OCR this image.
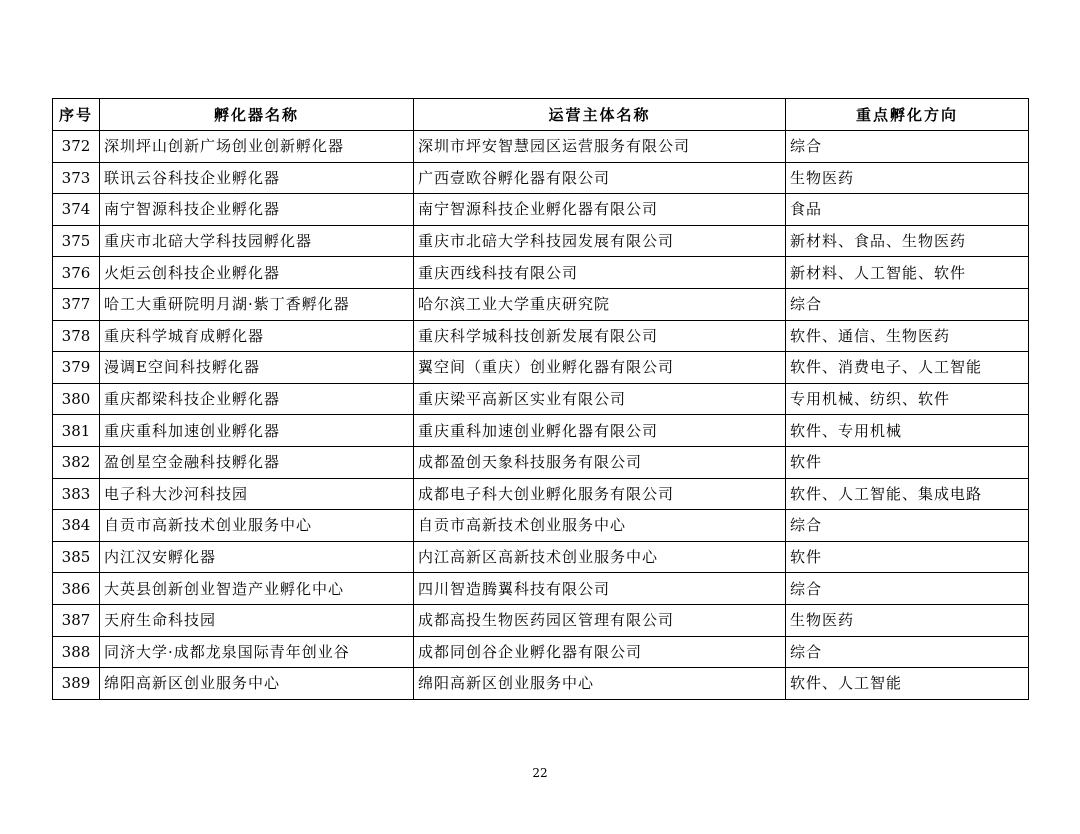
序号	孵化器名称	运营主体名称	重点孵化方向
372	深圳坪山创新广场创业创新孵化器	深圳市坪安智慧园区运营服务有限公司	综合
373	联讯云谷科技企业孵化器	广西壹欧谷孵化器有限公司	生物医药
374	南宁智源科技企业孵化器	南宁智源科技企业孵化器有限公司	食品
375	重庆市北碚大学科技园孵化器	重庆市北碚大学科技园发展有限公司	新材料、食品、生物医药
376	火炬云创科技企业孵化器	重庆西线科技有限公司	新材料、人工智能、软件
377	哈工大重研院明月湖·紫丁香孵化器	哈尔滨工业大学重庆研究院	综合
378	重庆科学城育成孵化器	重庆科学城科技创新发展有限公司	软件、通信、生物医药
379	漫调E空间科技孵化器	翼空间（重庆）创业孵化器有限公司	软件、消费电子、人工智能
380	重庆都梁科技企业孵化器	重庆梁平高新区实业有限公司	专用机械、纺织、软件
381	重庆重科加速创业孵化器	重庆重科加速创业孵化器有限公司	软件、专用机械
382	盈创星空金融科技孵化器	成都盈创天象科技服务有限公司	软件
383	电子科大沙河科技园	成都电子科大创业孵化服务有限公司	软件、人工智能、集成电路
384	自贡市高新技术创业服务中心	自贡市高新技术创业服务中心	综合
385	内江汉安孵化器	内江高新区高新技术创业服务中心	软件
386	大英县创新创业智造产业孵化中心	四川智造腾翼科技有限公司	综合
387	天府生命科技园	成都高投生物医药园区管理有限公司	生物医药
388	同济大学·成都龙泉国际青年创业谷	成都同创谷企业孵化器有限公司	综合
389	绵阳高新区创业服务中心	绵阳高新区创业服务中心	软件、人工智能
22
